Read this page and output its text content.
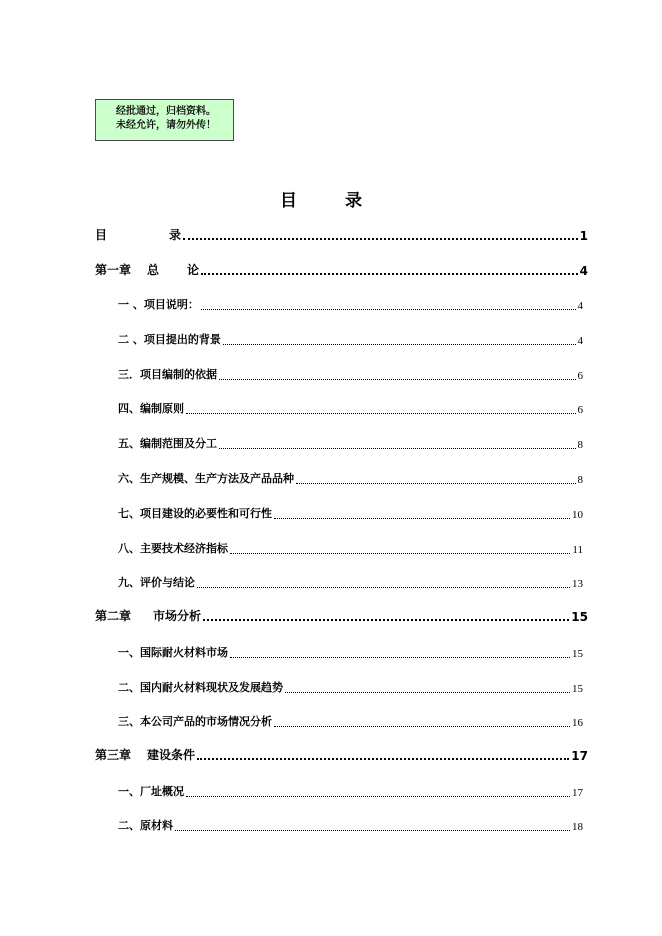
经批通过，归档资料。
未经允许，请勿外传！
目	录
目	录	1
第一章 总 论	4
一 、项目说明：	4
二 、项目提出的背景	4
三．项目编制的依据	6
四、编制原则	6
五、编制范围及分工	8
六、生产规模、生产方法及产品品种	8
七、项目建设的必要性和可行性	10
八、主要技术经济指标	11
九、评价与结论	13
第二章 市场分析	15
一、国际耐火材料市场	15
二、国内耐火材料现状及发展趋势	15
三、本公司产品的市场情况分析	16
第三章 建设条件	17
一、厂址概况	17
二、原材料	18
